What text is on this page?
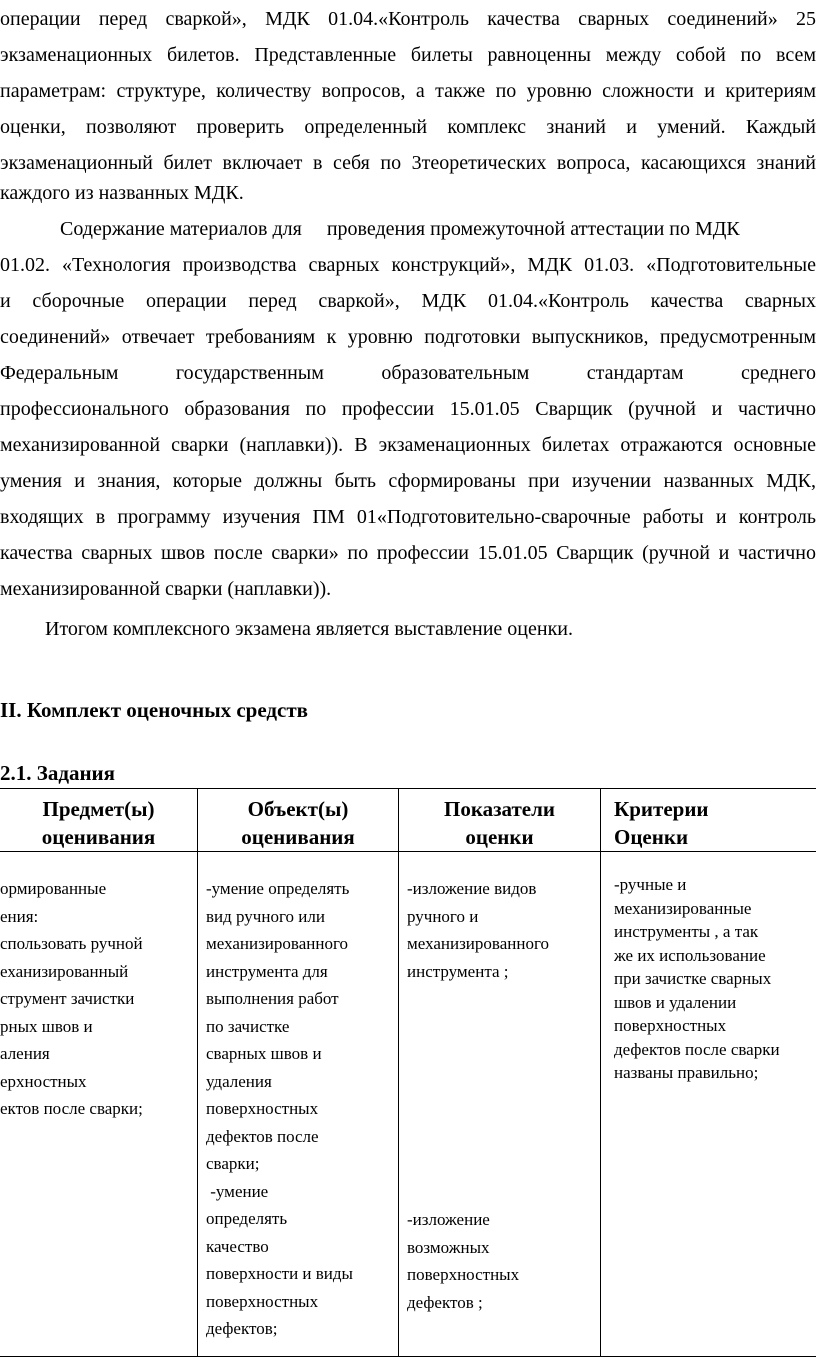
операции перед сваркой», МДК 01.04.«Контроль качества сварных соединений» 25
экзаменационных билетов. Представленные билеты равноценны между собой по всем
параметрам: структуре, количеству вопросов, а также по уровню сложности и критериям
оценки, позволяют проверить определенный комплекс знаний и умений. Каждый
экзаменационный билет включает в себя по 3теоретических вопроса, касающихся знаний
каждого из названных МДК.
Содержание материалов для     проведения промежуточной аттестации по МДК
01.02. «Технология производства сварных конструкций», МДК 01.03. «Подготовительные
и сборочные операции перед сваркой», МДК 01.04.«Контроль качества сварных
соединений» отвечает требованиям к уровню подготовки выпускников, предусмотренным
Федеральным государственным образовательным стандартам среднего
профессионального образования по профессии 15.01.05 Сварщик (ручной и частично
механизированной сварки (наплавки)). В экзаменационных билетах отражаются основные
умения и знания, которые должны быть сформированы при изучении названных МДК,
входящих в программу изучения ПМ 01«Подготовительно-сварочные работы и контроль
качества сварных швов после сварки» по профессии 15.01.05 Сварщик (ручной и частично
механизированной сварки (наплавки)).
Итогом комплексного экзамена является выставление оценки.
II. Комплект оценочных средств
2.1. Задания
Предмет(ы)
оценивания
Объект(ы)
оценивания
Показатели
оценки
Критерии
Оценки
ормированные
ения:
спользовать ручной
еханизированный
струмент зачистки
рных швов и
аления
ерхностных
ектов после сварки;
-умение определять
вид ручного или
механизированного
инструмента для
выполнения работ
по зачистке
сварных швов и
удаления
поверхностных
дефектов после
сварки;
-умение
определять
качество
поверхности и виды
поверхностных
дефектов;
-изложение видов
ручного и
механизированного
инструмента ;
-изложение
возможных
поверхностных
дефектов ;
-ручные и
механизированные
инструменты , а так
же их использование
при зачистке сварных
швов и удалении
поверхностных
дефектов после сварки
названы правильно;
